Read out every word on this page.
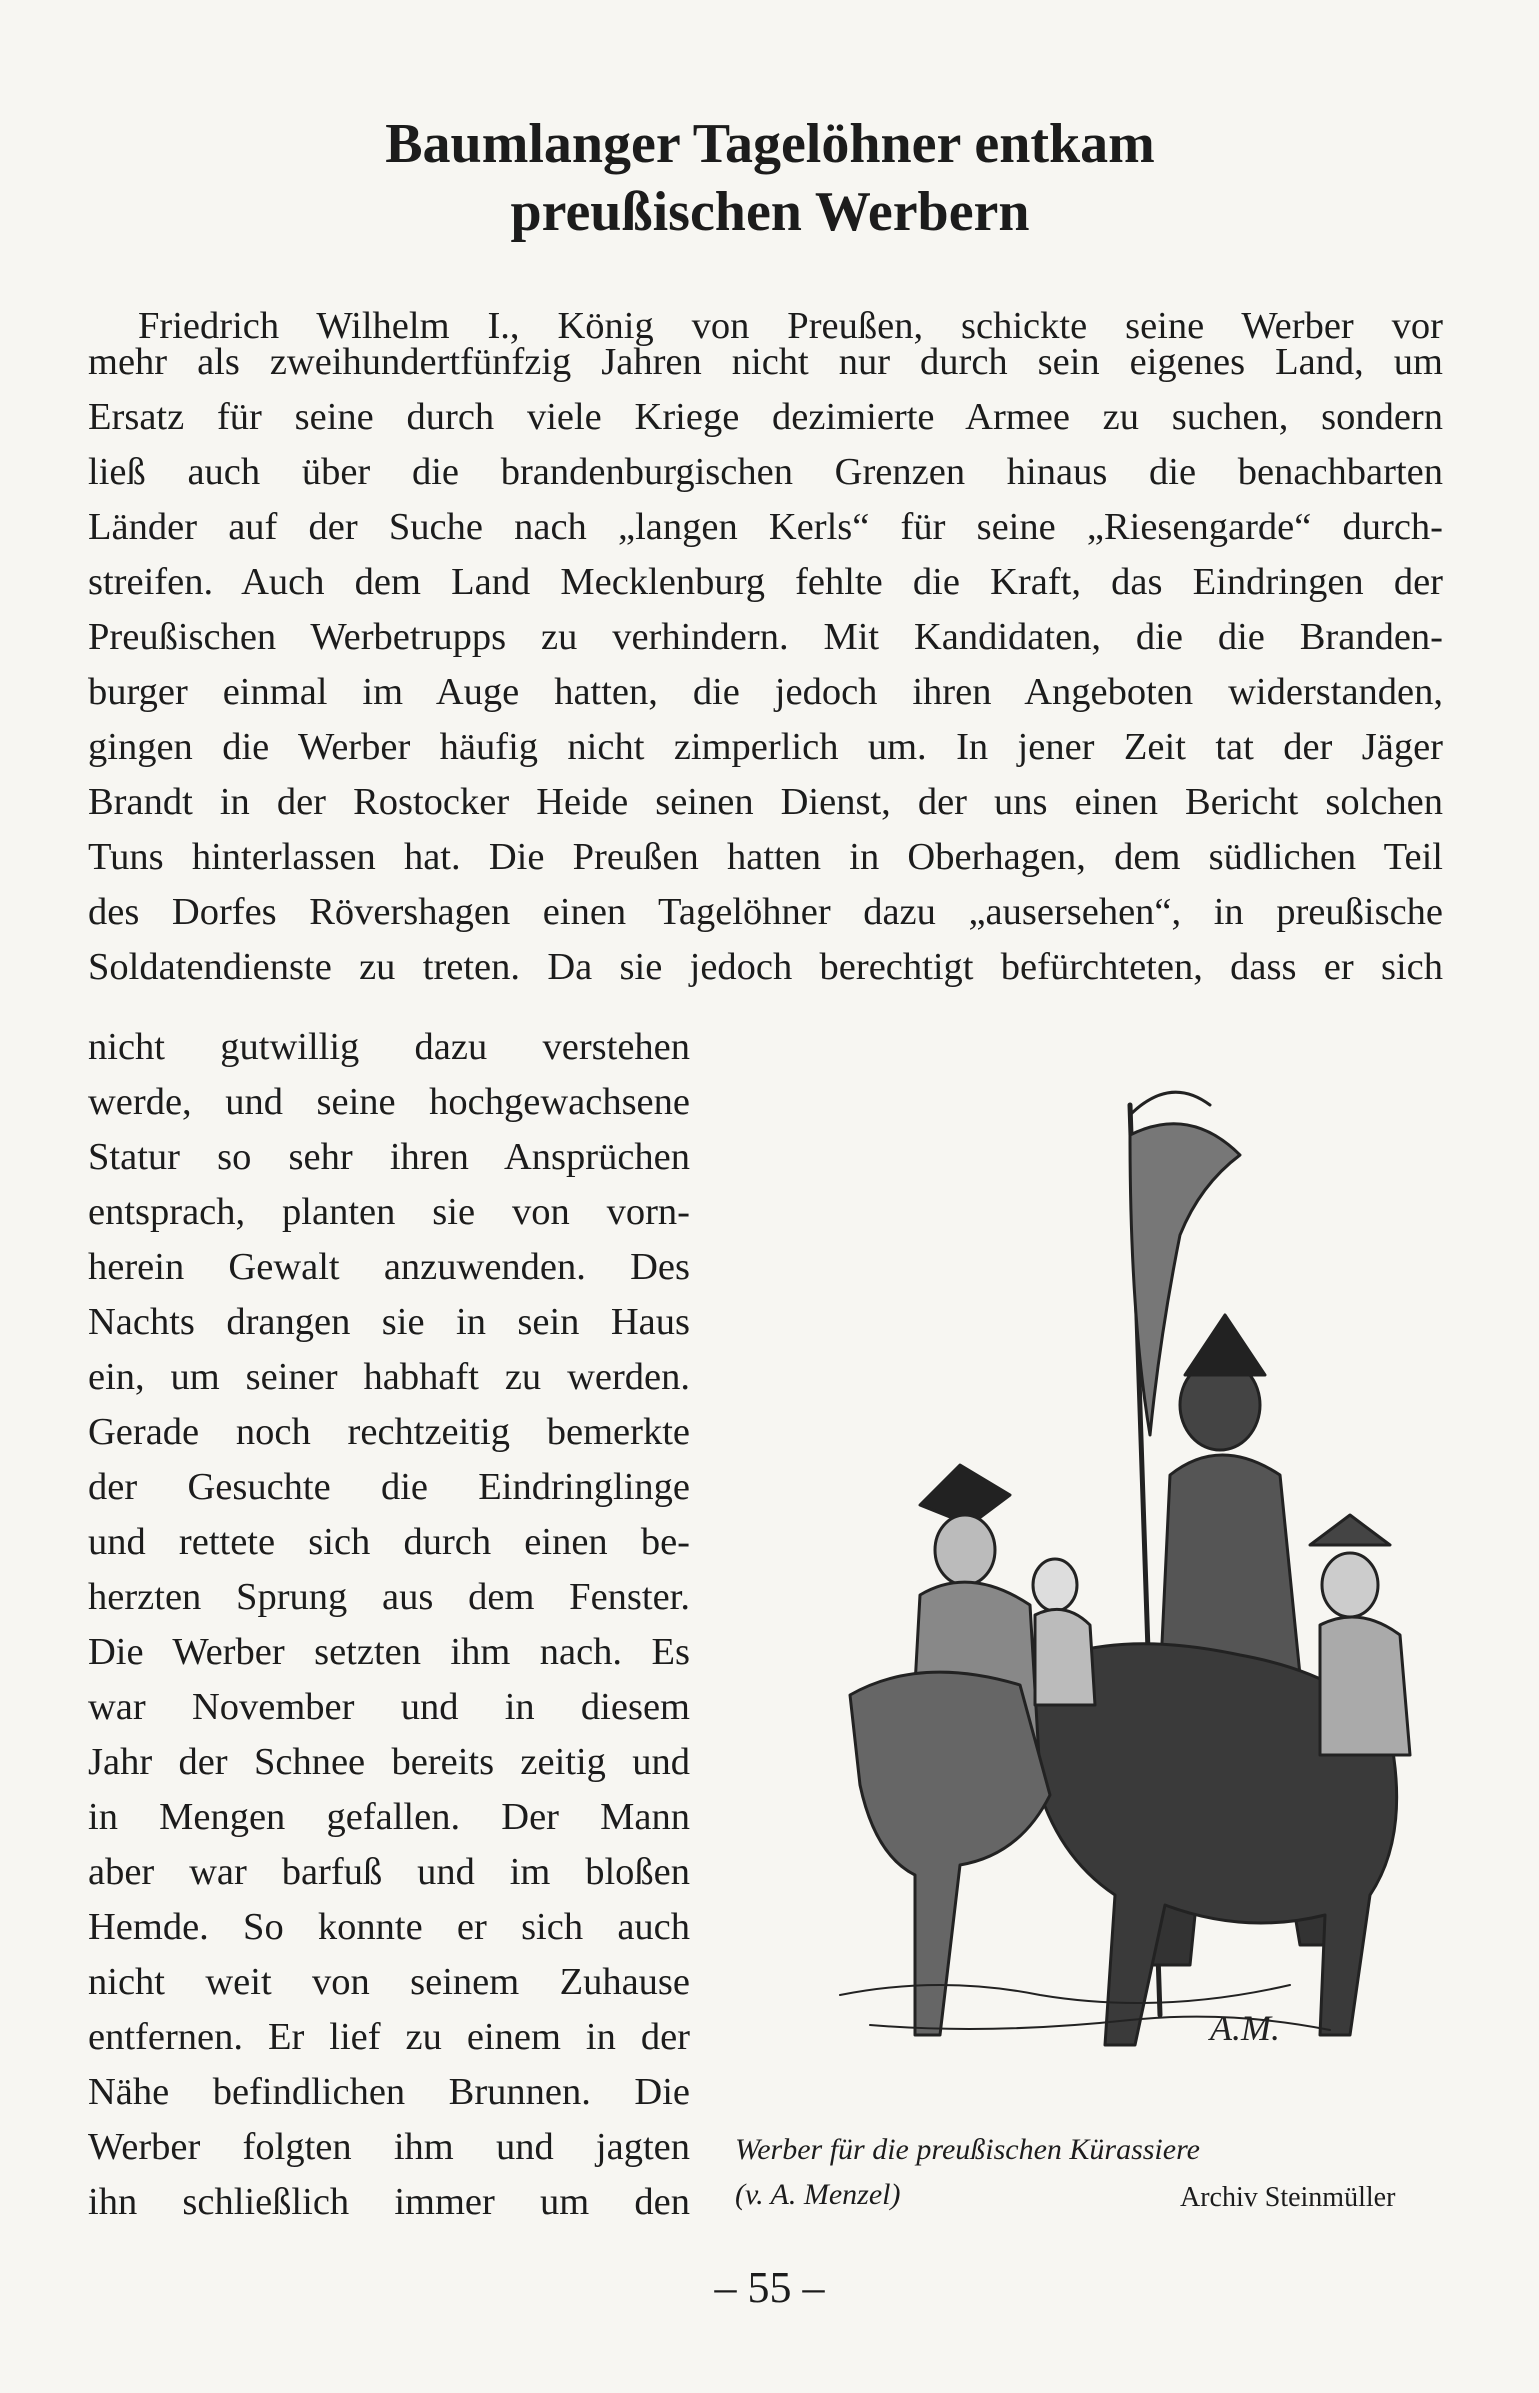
Baumlanger Tagelöhner entkam
preußischen Werbern
Friedrich Wilhelm I., König von Preußen, schickte seine Werber vor
mehr als zweihundertfünfzig Jahren nicht nur durch sein eigenes Land, um
Ersatz für seine durch viele Kriege dezimierte Armee zu suchen, sondern
ließ auch über die brandenburgischen Grenzen hinaus die benachbarten
Länder auf der Suche nach „langen Kerls“ für seine „Riesengarde“ durch-
streifen. Auch dem Land Mecklenburg fehlte die Kraft, das Eindringen der
Preußischen Werbetrupps zu verhindern. Mit Kandidaten, die die Branden-
burger einmal im Auge hatten, die jedoch ihren Angeboten widerstanden,
gingen die Werber häufig nicht zimperlich um. In jener Zeit tat der Jäger
Brandt in der Rostocker Heide seinen Dienst, der uns einen Bericht solchen
Tuns hinterlassen hat. Die Preußen hatten in Oberhagen, dem südlichen Teil
des Dorfes Rövershagen einen Tagelöhner dazu „ausersehen“, in preußische
Soldatendienste zu treten. Da sie jedoch berechtigt befürchteten, dass er sich
nicht gutwillig dazu verstehen
werde, und seine hochgewachsene
Statur so sehr ihren Ansprüchen
entsprach, planten sie von vorn-
herein Gewalt anzuwenden. Des
Nachts drangen sie in sein Haus
ein, um seiner habhaft zu werden.
Gerade noch rechtzeitig bemerkte
der Gesuchte die Eindringlinge
und rettete sich durch einen be-
herzten Sprung aus dem Fenster.
Die Werber setzten ihm nach. Es
war November und in diesem
Jahr der Schnee bereits zeitig und
in Mengen gefallen. Der Mann
aber war barfuß und im bloßen
Hemde. So konnte er sich auch
nicht weit von seinem Zuhause
entfernen. Er lief zu einem in der
Nähe befindlichen Brunnen. Die
Werber folgten ihm und jagten
ihn schließlich immer um den
A.M.
Werber für die preußischen Kürassiere
(v. A. Menzel)	Archiv Steinmüller
– 55 –
